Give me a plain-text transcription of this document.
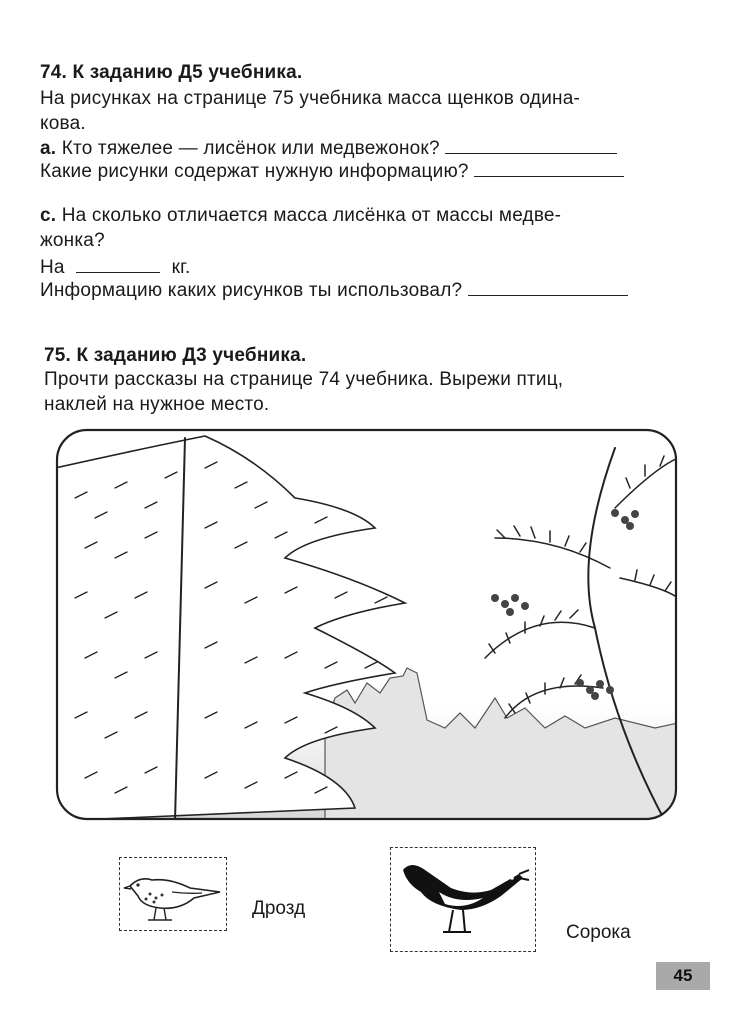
74. К заданию Д5 учебника.
На рисунках на странице 75 учебника масса щенков одина-
кова.
а. Кто тяжелее — лисёнок или медвежонок?
Какие рисунки содержат нужную информацию?
с. На сколько отличается масса лисёнка от массы медве-
жонка?
На	кг.
Информацию каких рисунков ты использовал?
75. К заданию Д3 учебника.
Прочти рассказы на странице 74 учебника. Вырежи птиц,
наклей на нужное место.
Дрозд
Сорока
45
